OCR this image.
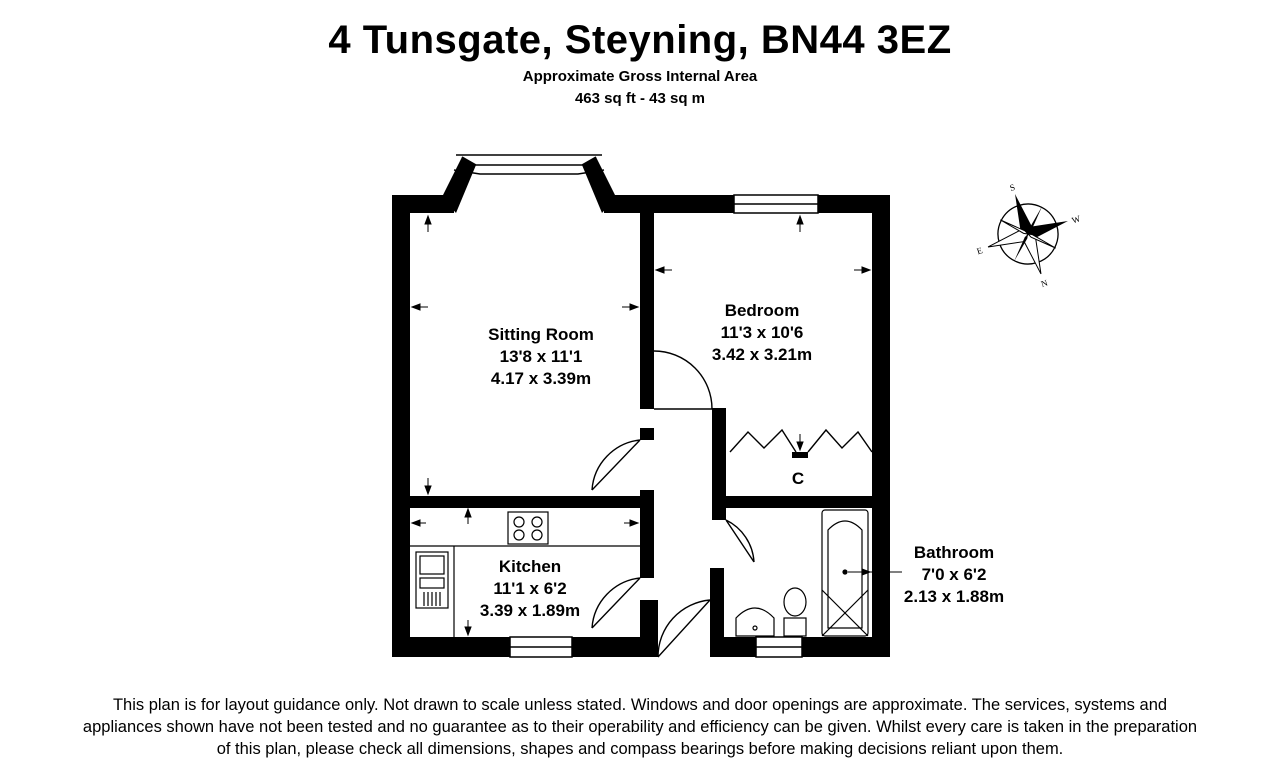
4 Tunsgate, Steyning, BN44 3EZ
Approximate Gross Internal Area
463 sq ft - 43 sq m
S
N
W
E
Sitting Room
13'8 x 11'1
4.17 x 3.39m
Bedroom
11'3 x 10'6
3.42 x 3.21m
Kitchen
11'1 x 6'2
3.39 x 1.89m
Bathroom
7'0 x 6'2
2.13 x 1.88m
C
This plan is for layout guidance only. Not drawn to scale unless stated. Windows and door openings are approximate. The services, systems and
appliances shown have not been tested and no guarantee as to their operability and efficiency can be given. Whilst every care is taken in the preparation
of this plan, please check all dimensions, shapes and compass bearings before making decisions reliant upon them.
